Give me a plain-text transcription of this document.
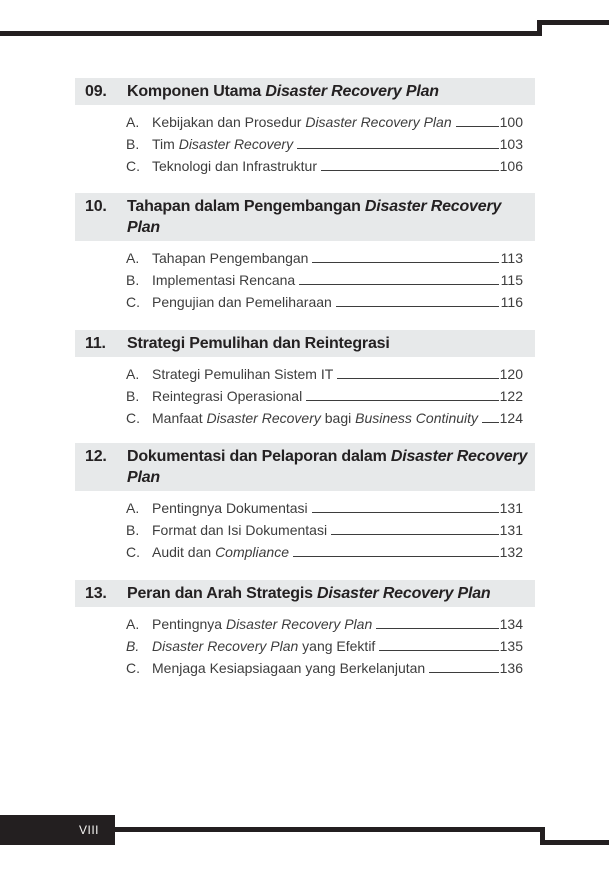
09.	Komponen Utama Disaster Recovery Plan
A. Kebijakan dan Prosedur Disaster Recovery Plan	100
B. Tim Disaster Recovery	103
C. Teknologi dan Infrastruktur	106
10.	Tahapan dalam Pengembangan Disaster Recovery Plan
A. Tahapan Pengembangan	113
B. Implementasi Rencana	115
C. Pengujian dan Pemeliharaan	116
11.	Strategi Pemulihan dan Reintegrasi
A. Strategi Pemulihan Sistem IT	120
B. Reintegrasi Operasional	122
C. Manfaat Disaster Recovery bagi Business Continuity 124
12.	Dokumentasi dan Pelaporan dalam Disaster Recovery Plan
A. Pentingnya Dokumentasi	131
B. Format dan Isi Dokumentasi	131
C. Audit dan Compliance	132
13.	Peran dan Arah Strategis Disaster Recovery Plan
A. Pentingnya Disaster Recovery Plan	134
B. Disaster Recovery Plan yang Efektif	135
C. Menjaga Kesiapsiagaan yang Berkelanjutan	136
VIII
